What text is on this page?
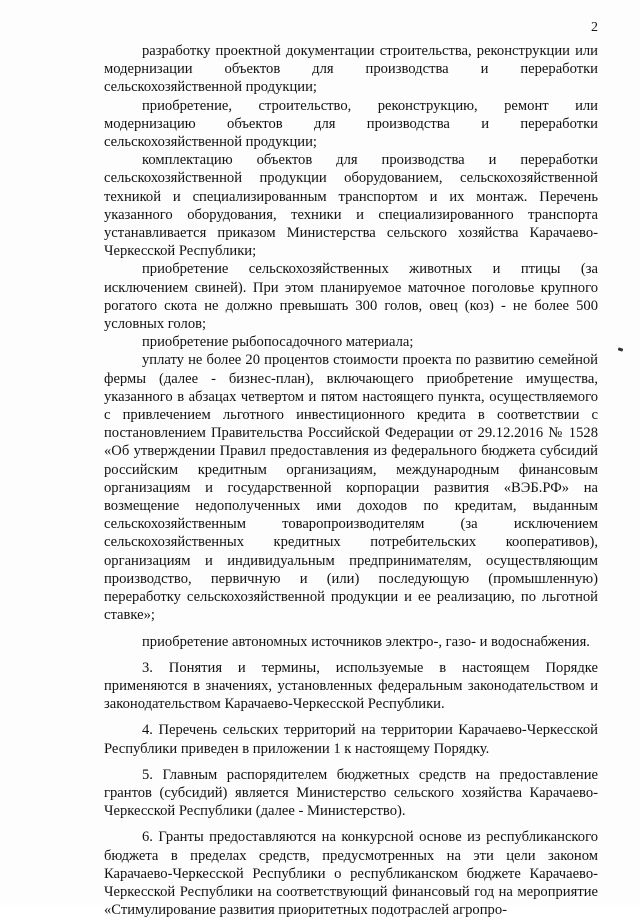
2

разработку проектной документации строительства, реконструкции или модернизации объектов для производства и переработки сельскохозяйственной продукции;

приобретение, строительство, реконструкцию, ремонт или модернизацию объектов для производства и переработки сельскохозяйственной продукции;

комплектацию объектов для производства и переработки сельскохозяйственной продукции оборудованием, сельскохозяйственной техникой и специализированным транспортом и их монтаж. Перечень указанного оборудования, техники и специализированного транспорта устанавливается приказом Министерства сельского хозяйства Карачаево-Черкесской Республики;

приобретение сельскохозяйственных животных и птицы (за исключением свиней). При этом планируемое маточное поголовье крупного рогатого скота не должно превышать 300 голов, овец (коз) - не более 500 условных голов;

приобретение рыбопосадочного материала;

уплату не более 20 процентов стоимости проекта по развитию семейной фермы (далее - бизнес-план), включающего приобретение имущества, указанного в абзацах четвертом и пятом настоящего пункта, осуществляемого с привлечением льготного инвестиционного кредита в соответствии с постановлением Правительства Российской Федерации от 29.12.2016 № 1528 «Об утверждении Правил предоставления из федерального бюджета субсидий российским кредитным организациям, международным финансовым организациям и государственной корпорации развития «ВЭБ.РФ» на возмещение недополученных ими доходов по кредитам, выданным сельскохозяйственным товаропроизводителям (за исключением сельскохозяйственных кредитных потребительских кооперативов), организациям и индивидуальным предпринимателям, осуществляющим производство, первичную и (или) последующую (промышленную) переработку сельскохозяйственной продукции и ее реализацию, по льготной ставке»;

приобретение автономных источников электро-, газо- и водоснабжения.

3. Понятия и термины, используемые в настоящем Порядке применяются в значениях, установленных федеральным законодательством и законодательством Карачаево-Черкесской Республики.

4. Перечень сельских территорий на территории Карачаево-Черкесской Республики приведен в приложении 1 к настоящему Порядку.

5. Главным распорядителем бюджетных средств на предоставление грантов (субсидий) является Министерство сельского хозяйства Карачаево-Черкесской Республики (далее - Министерство).

6. Гранты предоставляются на конкурсной основе из республиканского бюджета в пределах средств, предусмотренных на эти цели законом Карачаево-Черкесской Республики о республиканском бюджете Карачаево-Черкесской Республики на соответствующий финансовый год на мероприятие «Стимулирование развития приоритетных подотраслей агропро-
